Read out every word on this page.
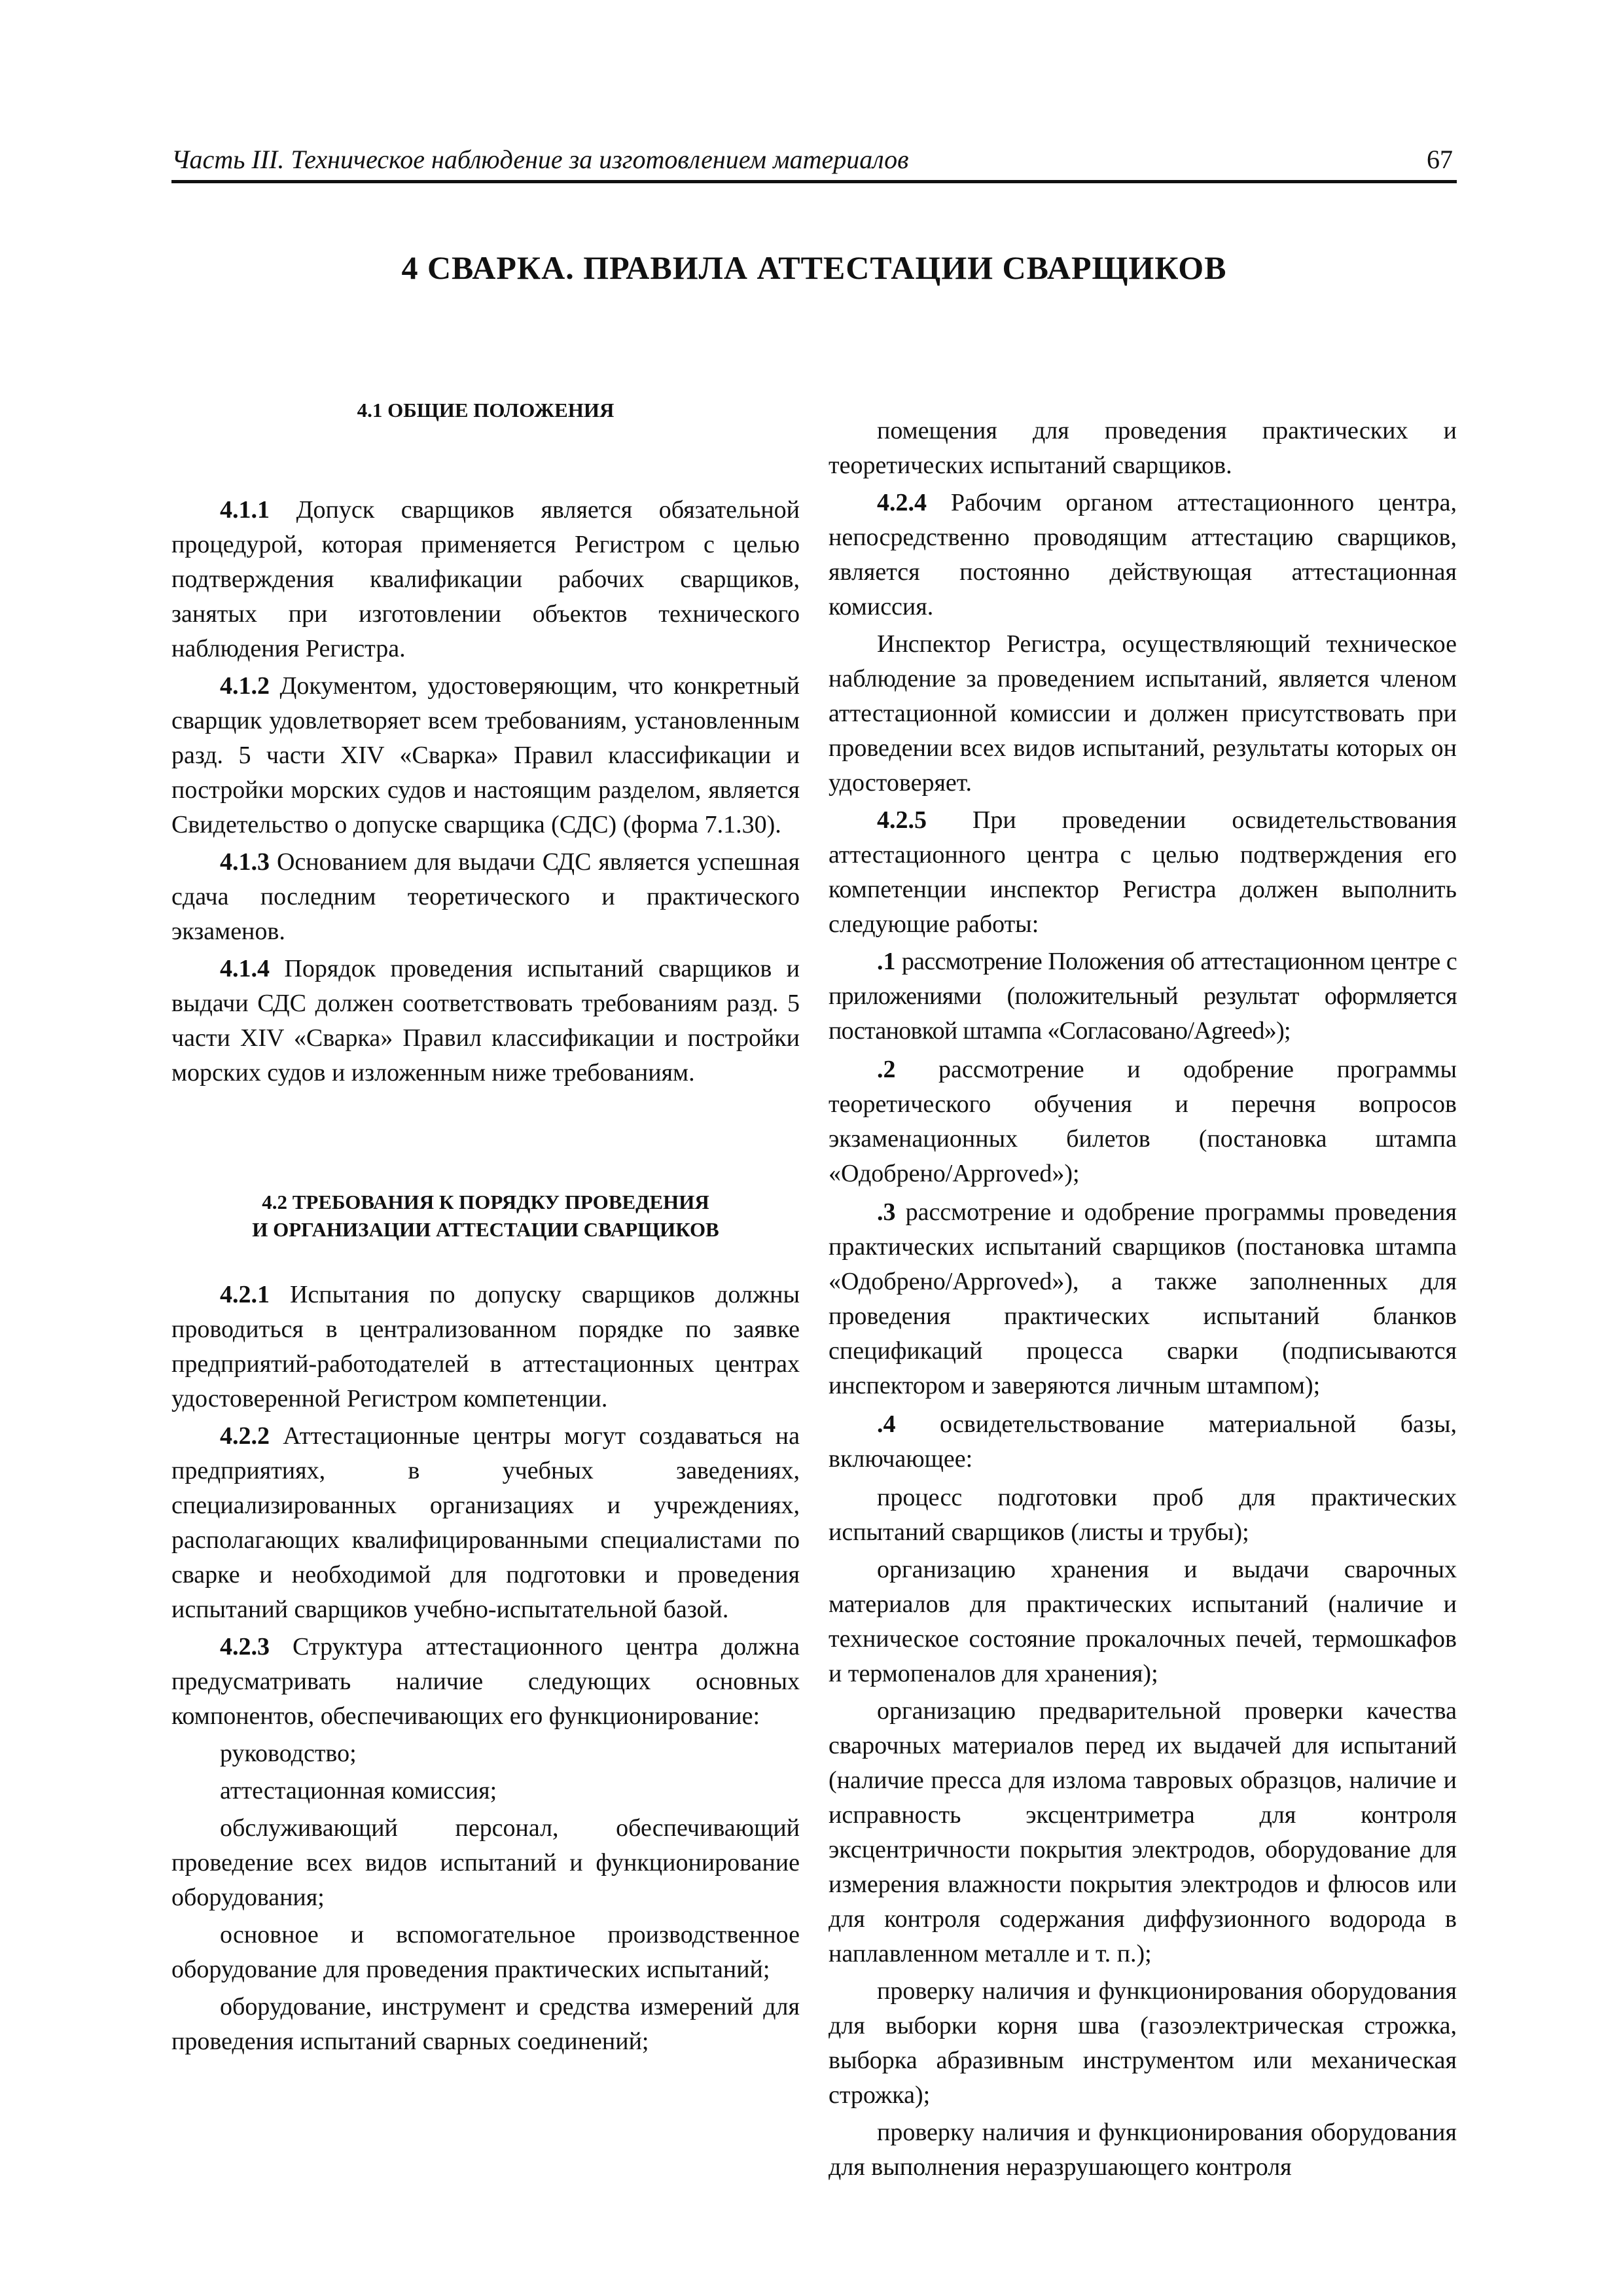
Часть III. Техническое наблюдение за изготовлением материалов	67
4 СВАРКА. ПРАВИЛА АТТЕСТАЦИИ СВАРЩИКОВ
4.1 ОБЩИЕ ПОЛОЖЕНИЯ

4.1.1 Допуск сварщиков является обязательной процедурой, которая применяется Регистром с целью подтверждения квалификации рабочих сварщиков, занятых при изготовлении объектов технического наблюдения Регистра.

4.1.2 Документом, удостоверяющим, что конкретный сварщик удовлетворяет всем требованиям, установленным разд. 5 части XIV «Сварка» Правил классификации и постройки морских судов и настоящим разделом, является Свидетельство о допуске сварщика (СДС) (форма 7.1.30).

4.1.3 Основанием для выдачи СДС является успешная сдача последним теоретического и практического экзаменов.

4.1.4 Порядок проведения испытаний сварщиков и выдачи СДС должен соответствовать требованиям разд. 5 части XIV «Сварка» Правил классификации и постройки морских судов и изложенным ниже требованиям.

4.2 ТРЕБОВАНИЯ К ПОРЯДКУ ПРОВЕДЕНИЯ
И ОРГАНИЗАЦИИ АТТЕСТАЦИИ СВАРЩИКОВ

4.2.1 Испытания по допуску сварщиков должны проводиться в централизованном порядке по заявке предприятий-работодателей в аттестационных центрах удостоверенной Регистром компетенции.

4.2.2 Аттестационные центры могут создаваться на предприятиях, в учебных заведениях, специализированных организациях и учреждениях, располагающих квалифицированными специалистами по сварке и необходимой для подготовки и проведения испытаний сварщиков учебно-испытательной базой.

4.2.3 Структура аттестационного центра должна предусматривать наличие следующих основных компонентов, обеспечивающих его функционирование:

руководство;

аттестационная комиссия;

обслуживающий персонал, обеспечивающий проведение всех видов испытаний и функционирование оборудования;

основное и вспомогательное производственное оборудование для проведения практических испытаний;

оборудование, инструмент и средства измерений для проведения испытаний сварных соединений;

помещения для проведения практических и теоретических испытаний сварщиков.

4.2.4 Рабочим органом аттестационного центра, непосредственно проводящим аттестацию сварщиков, является постоянно действующая аттестационная комиссия.

Инспектор Регистра, осуществляющий техническое наблюдение за проведением испытаний, является членом аттестационной комиссии и должен присутствовать при проведении всех видов испытаний, результаты которых он удостоверяет.

4.2.5 При проведении освидетельствования аттестационного центра с целью подтверждения его компетенции инспектор Регистра должен выполнить следующие работы:

.1 рассмотрение Положения об аттестационном центре с приложениями (положительный результат оформляется постановкой штампа «Согласовано/Agreed»);

.2 рассмотрение и одобрение программы теоретического обучения и перечня вопросов экзаменационных билетов (постановка штампа «Одобрено/Approved»);

.3 рассмотрение и одобрение программы проведения практических испытаний сварщиков (постановка штампа «Одобрено/Approved»), а также заполненных для проведения практических испытаний бланков спецификаций процесса сварки (подписываются инспектором и заверяются личным штампом);

.4 освидетельствование материальной базы, включающее:

процесс подготовки проб для практических испытаний сварщиков (листы и трубы);

организацию хранения и выдачи сварочных материалов для практических испытаний (наличие и техническое состояние прокалочных печей, термошкафов и термопеналов для хранения);

организацию предварительной проверки качества сварочных материалов перед их выдачей для испытаний (наличие пресса для излома тавровых образцов, наличие и исправность эксцентриметра для контроля эксцентричности покрытия электродов, оборудование для измерения влажности покрытия электродов и флюсов или для контроля содержания диффузионного водорода в наплавленном металле и т. п.);

проверку наличия и функционирования оборудования для выборки корня шва (газоэлектрическая строжка, выборка абразивным инструментом или механическая строжка);

проверку наличия и функционирования оборудования для выполнения неразрушающего контроля
